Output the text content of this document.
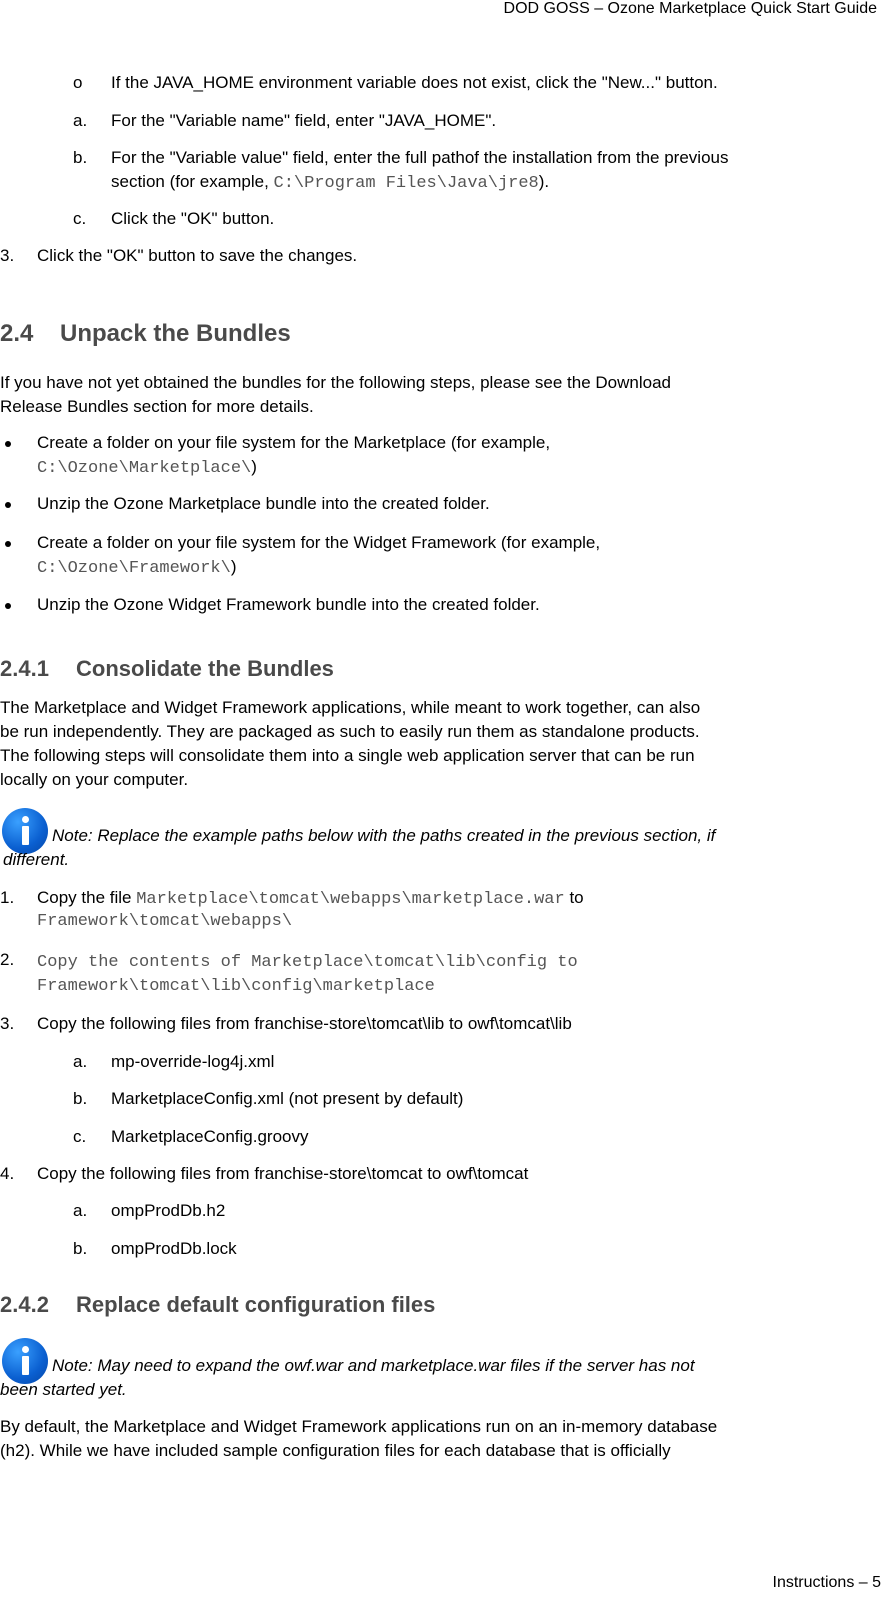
DOD GOSS – Ozone Marketplace Quick Start Guide
o If the JAVA_HOME environment variable does not exist, click the "New..." button.
a. For the "Variable name" field, enter "JAVA_HOME".
b. For the "Variable value" field, enter the full pathof the installation from the previous
section (for example, C:\Program Files\Java\jre8).
c. Click the "OK" button.
3. Click the "OK" button to save the changes.
2.4 Unpack the Bundles
If you have not yet obtained the bundles for the following steps, please see the Download
Release Bundles section for more details.
Create a folder on your file system for the Marketplace (for example,
C:\Ozone\Marketplace\)
Unzip the Ozone Marketplace bundle into the created folder.
Create a folder on your file system for the Widget Framework (for example,
C:\Ozone\Framework\)
Unzip the Ozone Widget Framework bundle into the created folder.
2.4.1 Consolidate the Bundles
The Marketplace and Widget Framework applications, while meant to work together, can also
be run independently. They are packaged as such to easily run them as standalone products.
The following steps will consolidate them into a single web application server that can be run
locally on your computer.
Note: Replace the example paths below with the paths created in the previous section, if
different.
1. Copy the file Marketplace\tomcat\webapps\marketplace.war to
Framework\tomcat\webapps\
2. Copy the contents of Marketplace\tomcat\lib\config to
Framework\tomcat\lib\config\marketplace
3. Copy the following files from franchise-store\tomcat\lib to owf\tomcat\lib
a. mp-override-log4j.xml
b. MarketplaceConfig.xml (not present by default)
c. MarketplaceConfig.groovy
4. Copy the following files from franchise-store\tomcat to owf\tomcat
a. ompProdDb.h2
b. ompProdDb.lock
2.4.2 Replace default configuration files
Note: May need to expand the owf.war and marketplace.war files if the server has not
been started yet.
By default, the Marketplace and Widget Framework applications run on an in-memory database
(h2). While we have included sample configuration files for each database that is officially
Instructions – 5
